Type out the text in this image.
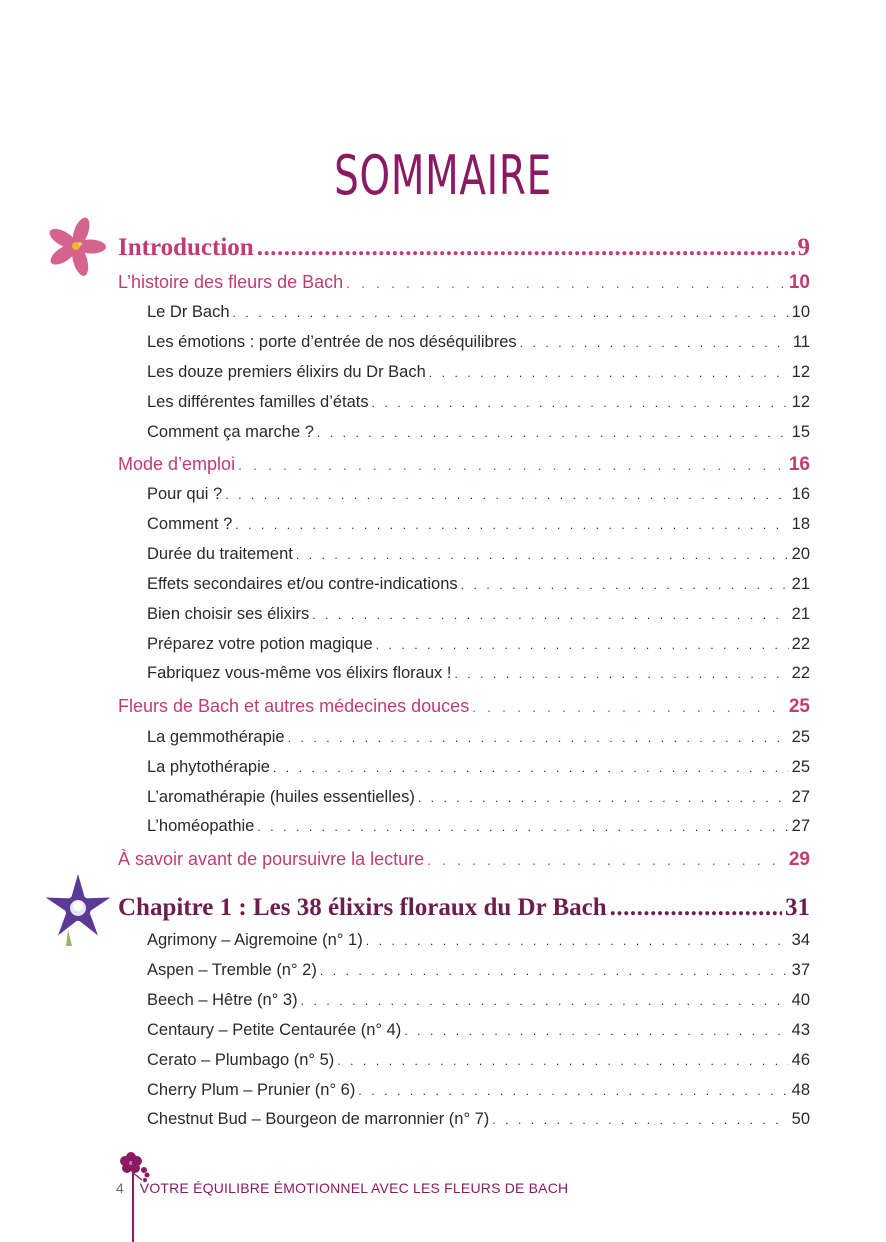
SOMMAIRE
Introduction .....	9
L’histoire des fleurs de Bach . . .	10
Le Dr Bach . . .	10
Les émotions : porte d’entrée de nos déséquilibres . . .	11
Les douze premiers élixirs du Dr Bach . . .	12
Les différentes familles d’états . . .	12
Comment ça marche ? . . .	15
Mode d’emploi . . .	16
Pour qui ? . . .	16
Comment ? . . .	18
Durée du traitement . . .	20
Effets secondaires et/ou contre-indications . . .	21
Bien choisir ses élixirs . . .	21
Préparez votre potion magique . . .	22
Fabriquez vous-même vos élixirs floraux ! . . .	22
Fleurs de Bach et autres médecines douces . . .	25
La gemmothérapie . . .	25
La phytothérapie . . .	25
L’aromathérapie (huiles essentielles) . . .	27
L’homéopathie . . .	27
À savoir avant de poursuivre la lecture . . .	29
Chapitre 1 : Les 38 élixirs floraux du Dr Bach .....	31
Agrimony – Aigremoine (n° 1) . . .	34
Aspen – Tremble (n° 2) . . .	37
Beech – Hêtre (n° 3) . . .	40
Centaury – Petite Centaurée (n° 4) . . .	43
Cerato – Plumbago (n° 5) . . .	46
Cherry Plum – Prunier (n° 6) . . .	48
Chestnut Bud – Bourgeon de marronnier (n° 7) . . .	50
4 VOTRE ÉQUILIBRE ÉMOTIONNEL AVEC LES FLEURS DE BACH
